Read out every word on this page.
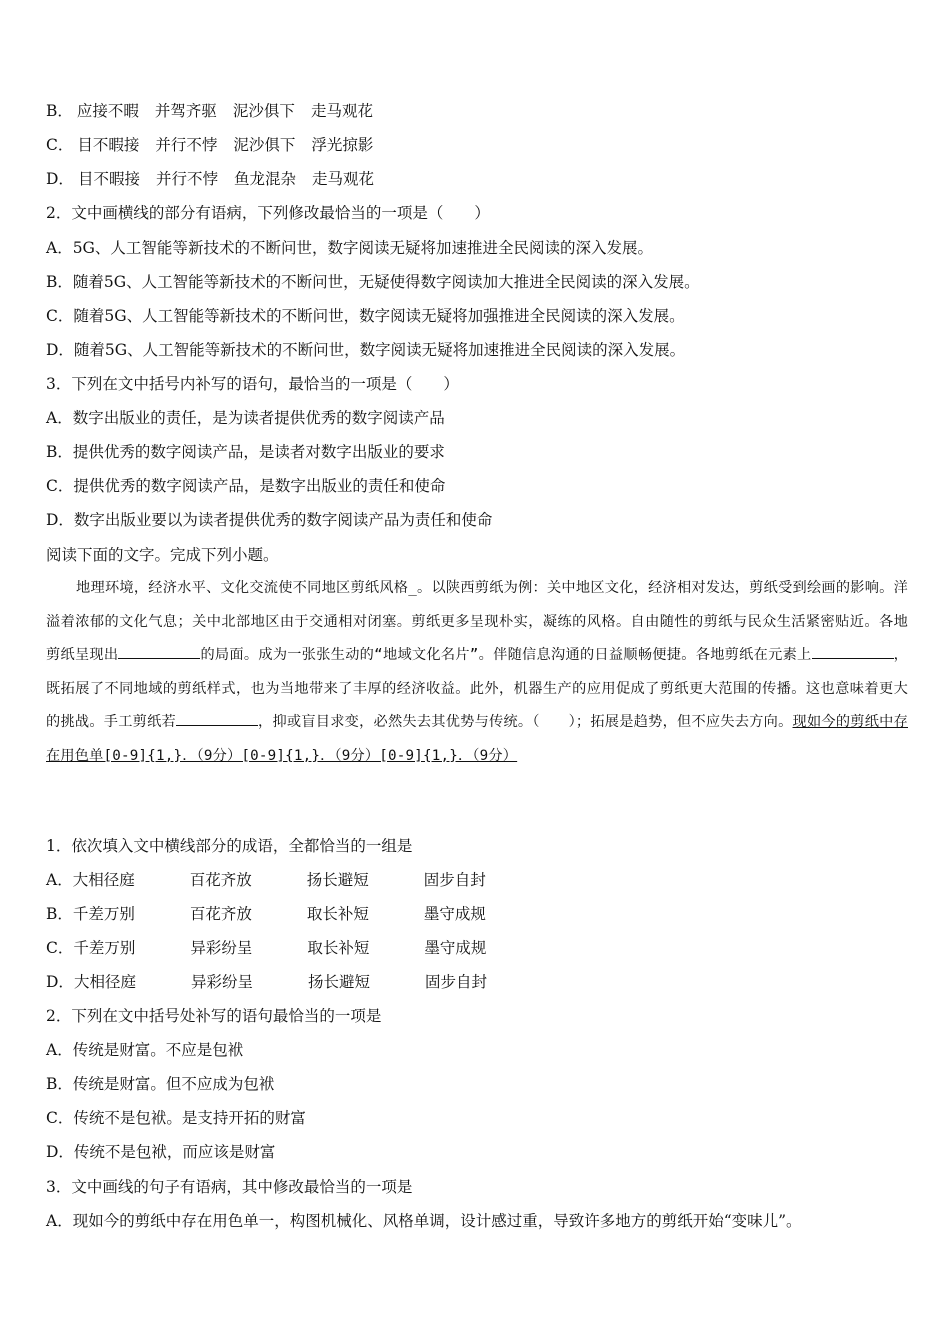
B． 应接不暇 并驾齐驱 泥沙俱下 走马观花
C． 目不暇接 并行不悖 泥沙俱下 浮光掠影
D． 目不暇接 并行不悖 鱼龙混杂 走马观花
2．文中画横线的部分有语病，下列修改最恰当的一项是（　　）
A．5G、人工智能等新技术的不断问世，数字阅读无疑将加速推进全民阅读的深入发展。
B．随着5G、人工智能等新技术的不断问世，无疑使得数字阅读加大推进全民阅读的深入发展。
C．随着5G、人工智能等新技术的不断问世，数字阅读无疑将加强推进全民阅读的深入发展。
D．随着5G、人工智能等新技术的不断问世，数字阅读无疑将加速推进全民阅读的深入发展。
3．下列在文中括号内补写的语句，最恰当的一项是（　　）
A．数字出版业的责任，是为读者提供优秀的数字阅读产品
B．提供优秀的数字阅读产品，是读者对数字出版业的要求
C．提供优秀的数字阅读产品，是数字出版业的责任和使命
D．数字出版业要以为读者提供优秀的数字阅读产品为责任和使命
阅读下面的文字。完成下列小题。
地理环境，经济水平、文化交流使不同地区剪纸风格_。以陕西剪纸为例：关中地区文化，经济相对发达，剪纸受到绘画的影响。洋溢着浓郁的文化气息；关中北部地区由于交通相对闭塞。剪纸更多呈现朴实，凝练的风格。自由随性的剪纸与民众生活紧密贴近。各地剪纸呈现出	的局面。成为一张张生动的“地域文化名片”。伴随信息沟通的日益顺畅便捷。各地剪纸在元素上	，既拓展了不同地域的剪纸样式，也为当地带来了丰厚的经济收益。此外，机器生产的应用促成了剪纸更大范围的传播。这也意味着更大的挑战。手工剪纸若	，抑或盲目求变，必然失去其优势与传统。（　　）；拓展是趋势，但不应失去方向。现如今的剪纸中存在用色单[0-9]{1,}．（9分）[0-9]{1,}．（9分）[0-9]{1,}．（9分）
1．依次填入文中横线部分的成语，全都恰当的一组是
A．大相径庭	百花齐放	扬长避短	固步自封
B．千差万别	百花齐放	取长补短	墨守成规
C．千差万别	异彩纷呈	取长补短	墨守成规
D．大相径庭	异彩纷呈	扬长避短	固步自封
2．下列在文中括号处补写的语句最恰当的一项是
A．传统是财富。不应是包袱
B．传统是财富。但不应成为包袱
C．传统不是包袱。是支持开拓的财富
D．传统不是包袱，而应该是财富
3．文中画线的句子有语病，其中修改最恰当的一项是
A．现如今的剪纸中存在用色单一，构图机械化、风格单调，设计感过重，导致许多地方的剪纸开始“变味儿”。
